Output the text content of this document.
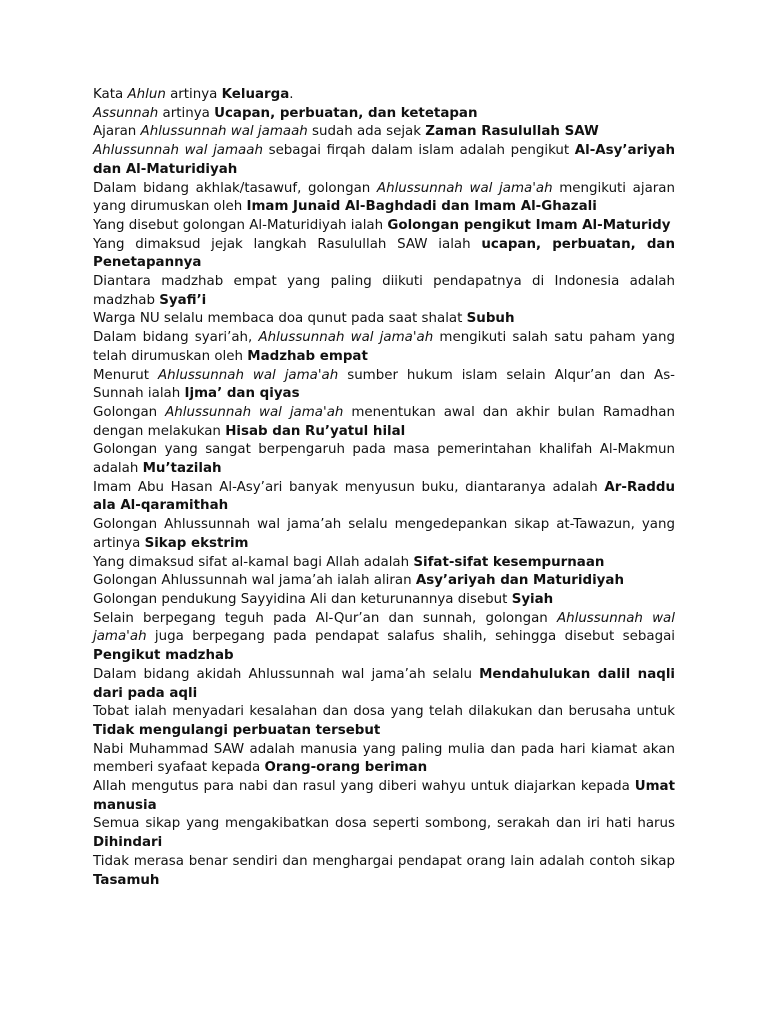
Kata Ahlun artinya Keluarga.

Assunnah artinya Ucapan, perbuatan, dan ketetapan

Ajaran Ahlussunnah wal jamaah sudah ada sejak Zaman Rasulullah SAW

Ahlussunnah wal jamaah sebagai firqah dalam islam adalah pengikut Al-Asy’ariyah dan Al-Maturidiyah

Dalam bidang akhlak/tasawuf, golongan Ahlussunnah wal jama'ah mengikuti ajaran yang dirumuskan oleh Imam Junaid Al-Baghdadi dan Imam Al-Ghazali

Yang disebut golongan Al-Maturidiyah ialah Golongan pengikut Imam Al-Maturidy

Yang dimaksud jejak langkah Rasulullah SAW ialah ucapan, perbuatan, dan Penetapannya

Diantara madzhab empat yang paling diikuti pendapatnya di Indonesia adalah madzhab Syafi’i

Warga NU selalu membaca doa qunut pada saat shalat Subuh

Dalam bidang syari’ah, Ahlussunnah wal jama'ah mengikuti salah satu paham yang telah dirumuskan oleh Madzhab empat

Menurut Ahlussunnah wal jama'ah sumber hukum islam selain Alqur’an dan As-Sunnah ialah Ijma’ dan qiyas

Golongan Ahlussunnah wal jama'ah menentukan awal dan akhir bulan Ramadhan dengan melakukan Hisab dan Ru’yatul hilal

Golongan yang sangat berpengaruh pada masa pemerintahan khalifah Al-Makmun adalah Mu’tazilah

Imam Abu Hasan Al-Asy’ari banyak menyusun buku, diantaranya adalah Ar-Raddu ala Al-qaramithah

Golongan Ahlussunnah wal jama’ah selalu mengedepankan sikap at-Tawazun, yang artinya Sikap ekstrim

Yang dimaksud sifat al-kamal bagi Allah adalah Sifat-sifat kesempurnaan

Golongan Ahlussunnah wal jama’ah ialah aliran Asy’ariyah dan Maturidiyah

Golongan pendukung Sayyidina Ali dan keturunannya disebut Syiah

Selain berpegang teguh pada Al-Qur’an dan sunnah, golongan Ahlussunnah wal jama'ah juga berpegang pada pendapat salafus shalih, sehingga disebut sebagai Pengikut madzhab

Dalam bidang akidah Ahlussunnah wal jama’ah selalu Mendahulukan dalil naqli dari pada aqli

Tobat ialah menyadari kesalahan dan dosa yang telah dilakukan dan berusaha untuk Tidak mengulangi perbuatan tersebut

Nabi Muhammad SAW adalah manusia yang paling mulia dan pada hari kiamat akan memberi syafaat kepada Orang-orang beriman

Allah mengutus para nabi dan rasul yang diberi wahyu untuk diajarkan kepada Umat manusia

Semua sikap yang mengakibatkan dosa seperti sombong, serakah dan iri hati harus Dihindari

Tidak merasa benar sendiri dan menghargai pendapat orang lain adalah contoh sikap Tasamuh
